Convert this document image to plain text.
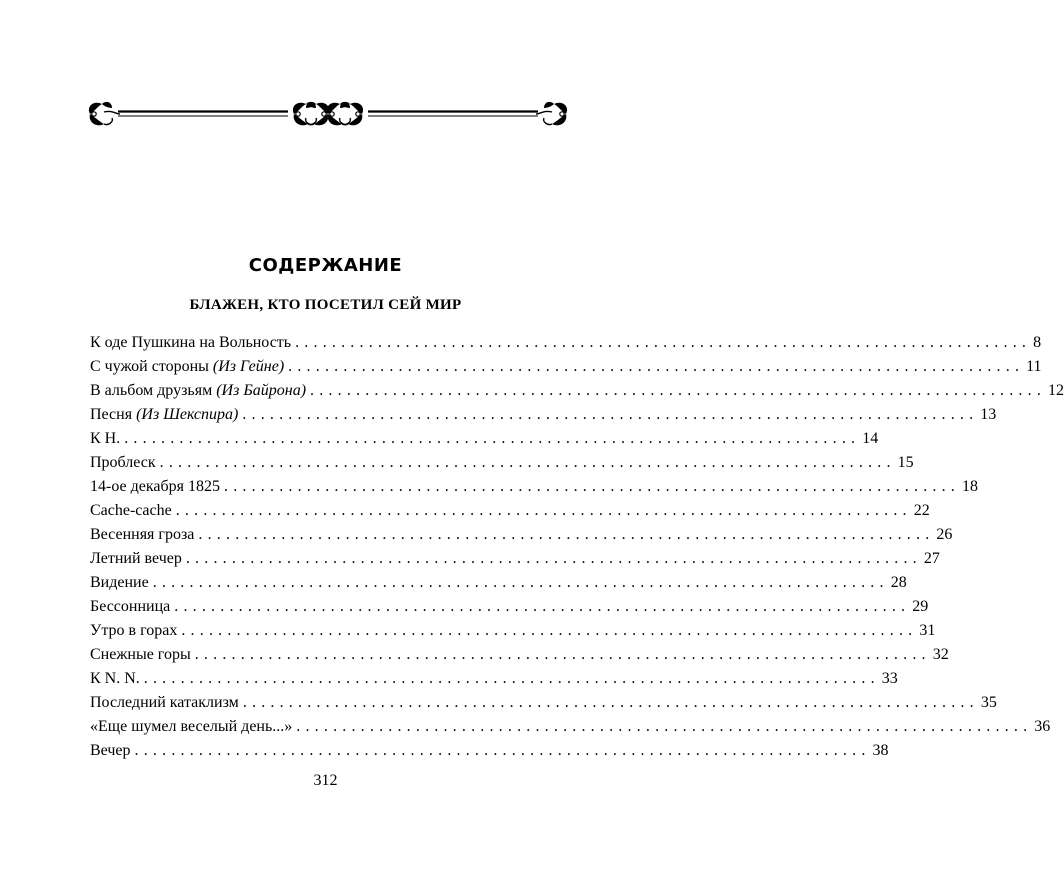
СОДЕРЖАНИЕ
БЛАЖЕН, КТО ПОСЕТИЛ СЕЙ МИР
К оде Пушкина на Вольность ................................................................................ 8
С чужой стороны (Из Гейне) ................................................................................ 11
В альбом друзьям (Из Байрона) ................................................................................ 12
Песня (Из Шекспира) ................................................................................ 13
К Н. ................................................................................ 14
Проблеск ................................................................................ 15
14-ое декабря 1825 ................................................................................ 18
Cache-cache ................................................................................ 22
Весенняя гроза ................................................................................ 26
Летний вечер ................................................................................ 27
Видение ................................................................................ 28
Бессонница ................................................................................ 29
Утро в горах ................................................................................ 31
Снежные горы ................................................................................ 32
К N. N. ................................................................................ 33
Последний катаклизм ................................................................................ 35
«Еще шумел веселый день...» ................................................................................ 36
Вечер ................................................................................ 38
312
